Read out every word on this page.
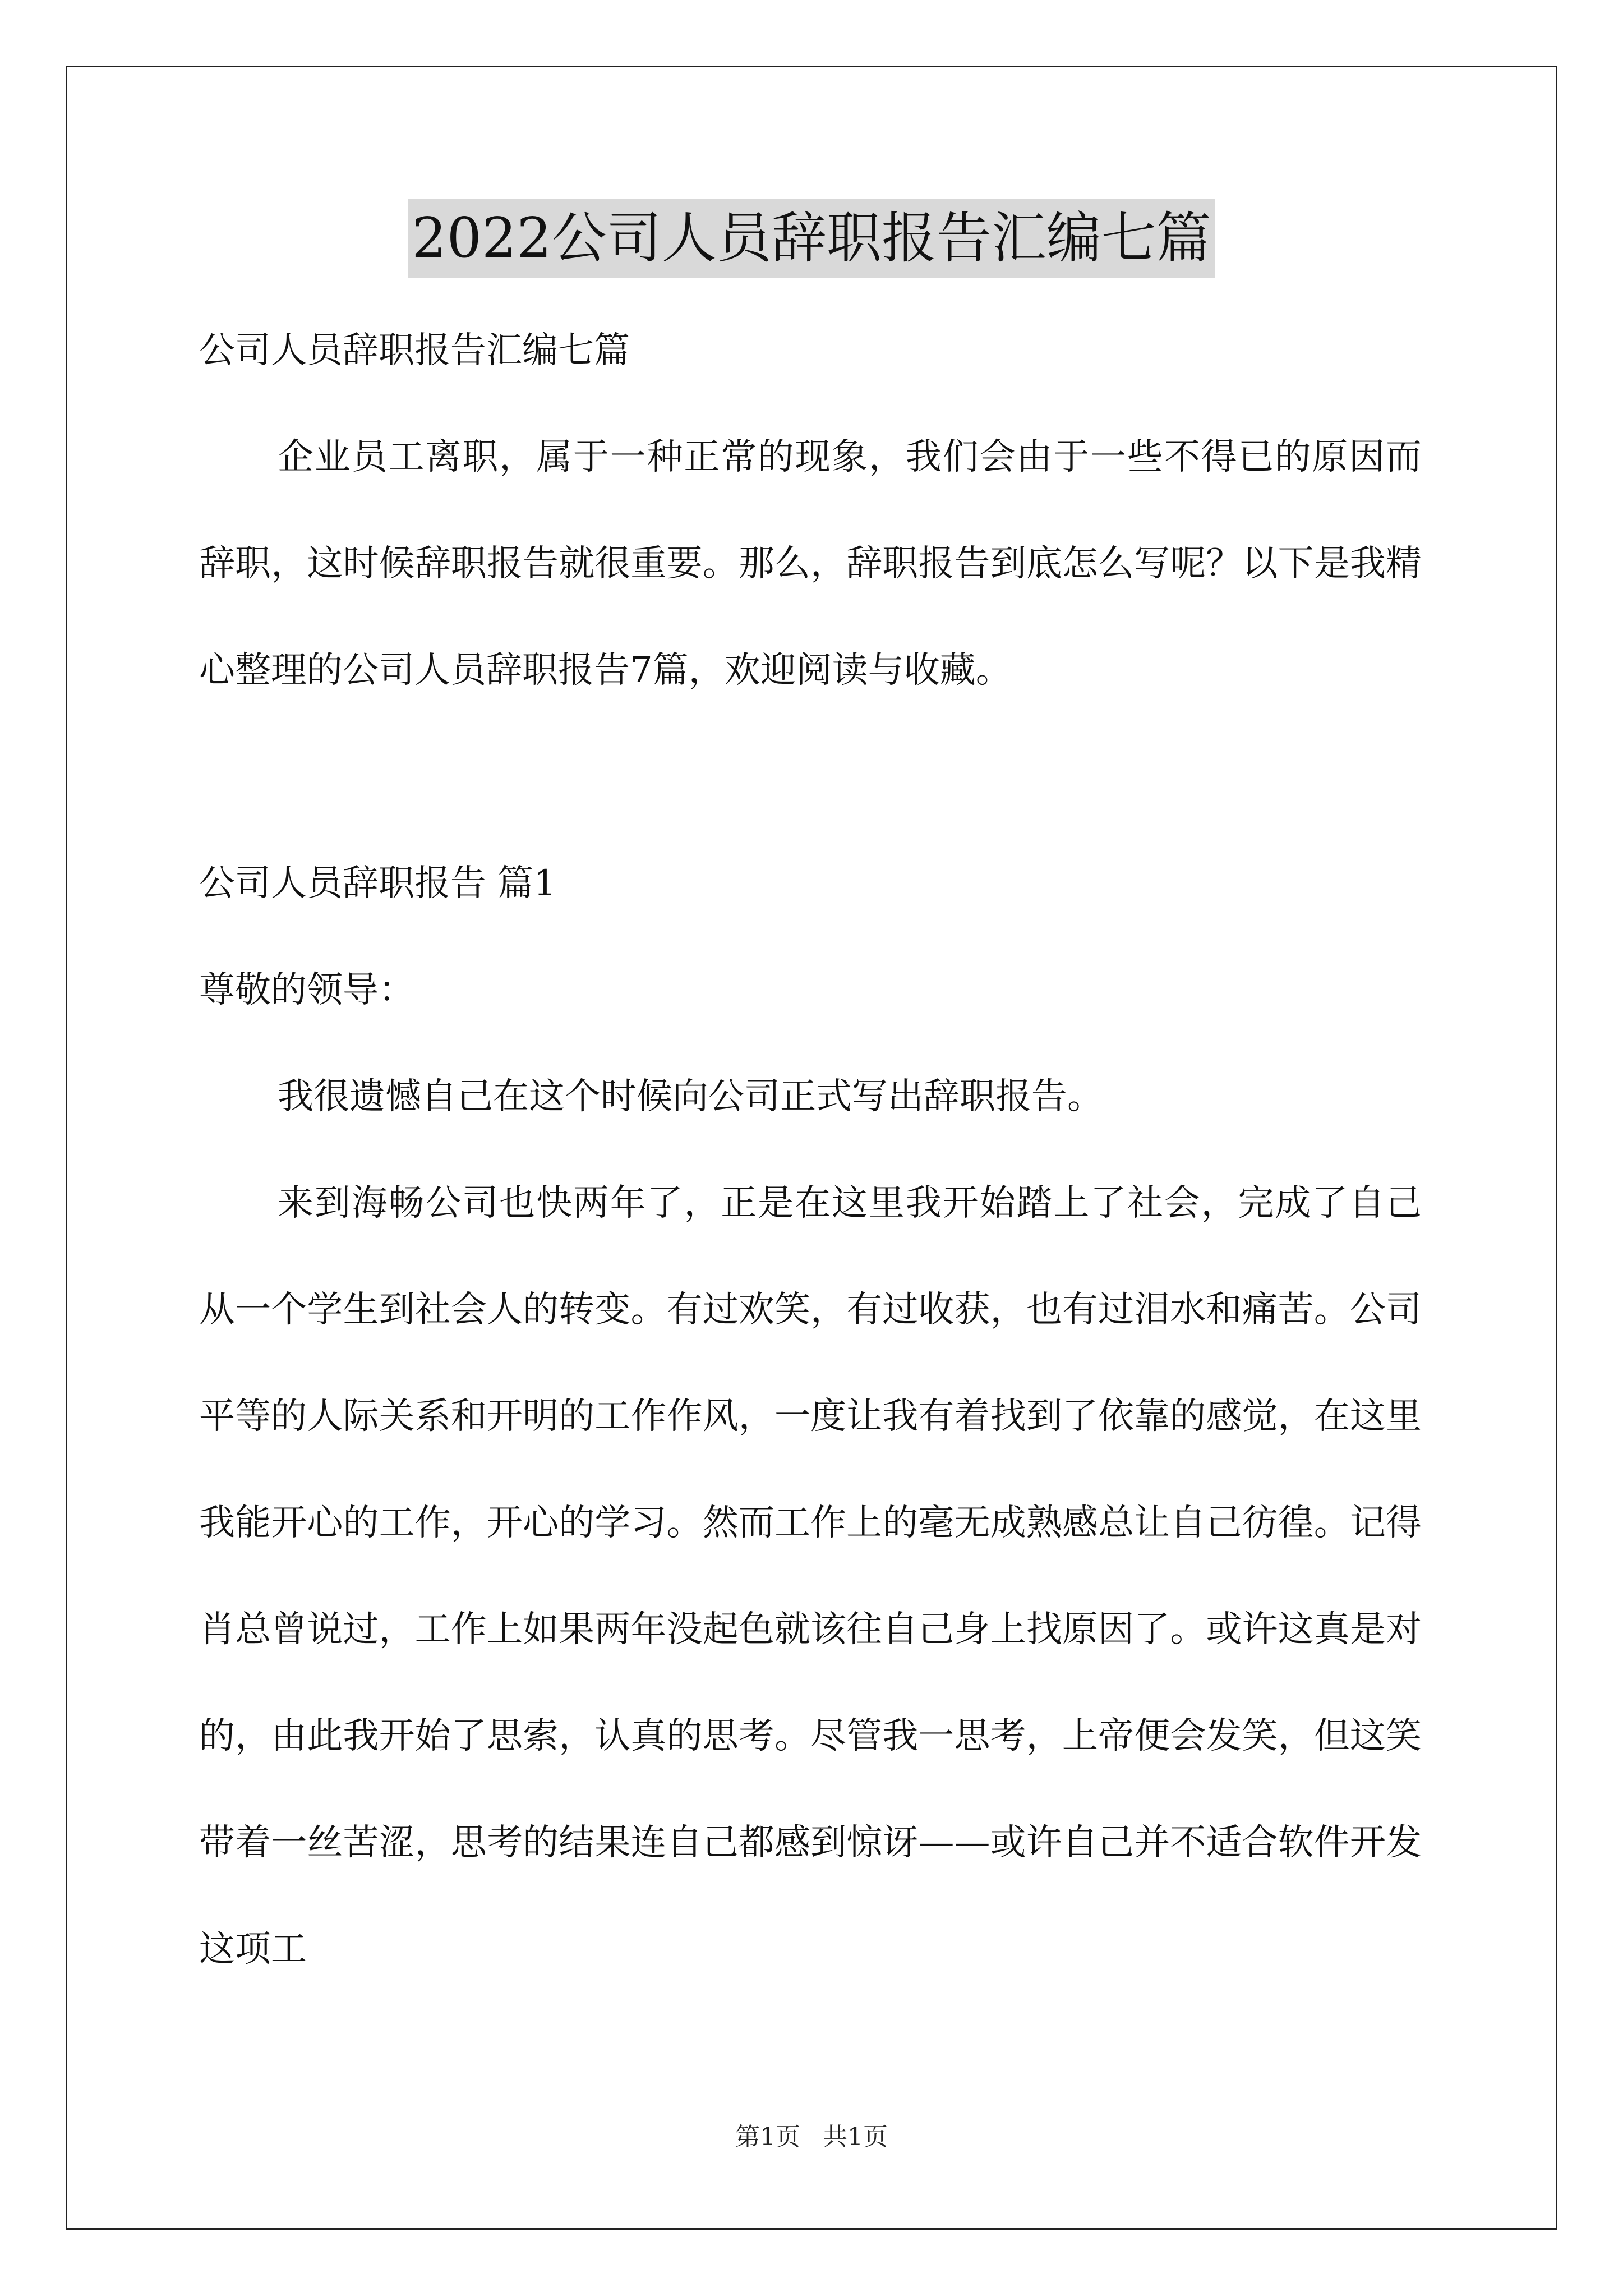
2022公司人员辞职报告汇编七篇
公司人员辞职报告汇编七篇
企业员工离职，属于一种正常的现象，我们会由于一些不得已的原因而辞职，这时候辞职报告就很重要。那么，辞职报告到底怎么写呢？以下是我精心整理的公司人员辞职报告7篇，欢迎阅读与收藏。
公司人员辞职报告 篇1
尊敬的领导：
我很遗憾自己在这个时候向公司正式写出辞职报告。
来到海畅公司也快两年了，正是在这里我开始踏上了社会，完成了自己从一个学生到社会人的转变。有过欢笑，有过收获，也有过泪水和痛苦。公司平等的人际关系和开明的工作作风，一度让我有着找到了依靠的感觉，在这里我能开心的工作，开心的学习。然而工作上的毫无成熟感总让自己彷徨。记得肖总曾说过，工作上如果两年没起色就该往自己身上找原因了。或许这真是对的，由此我开始了思索，认真的思考。尽管我一思考，上帝便会发笑，但这笑带着一丝苦涩，思考的结果连自己都感到惊讶——或许自己并不适合软件开发这项工
第1页 共1页
